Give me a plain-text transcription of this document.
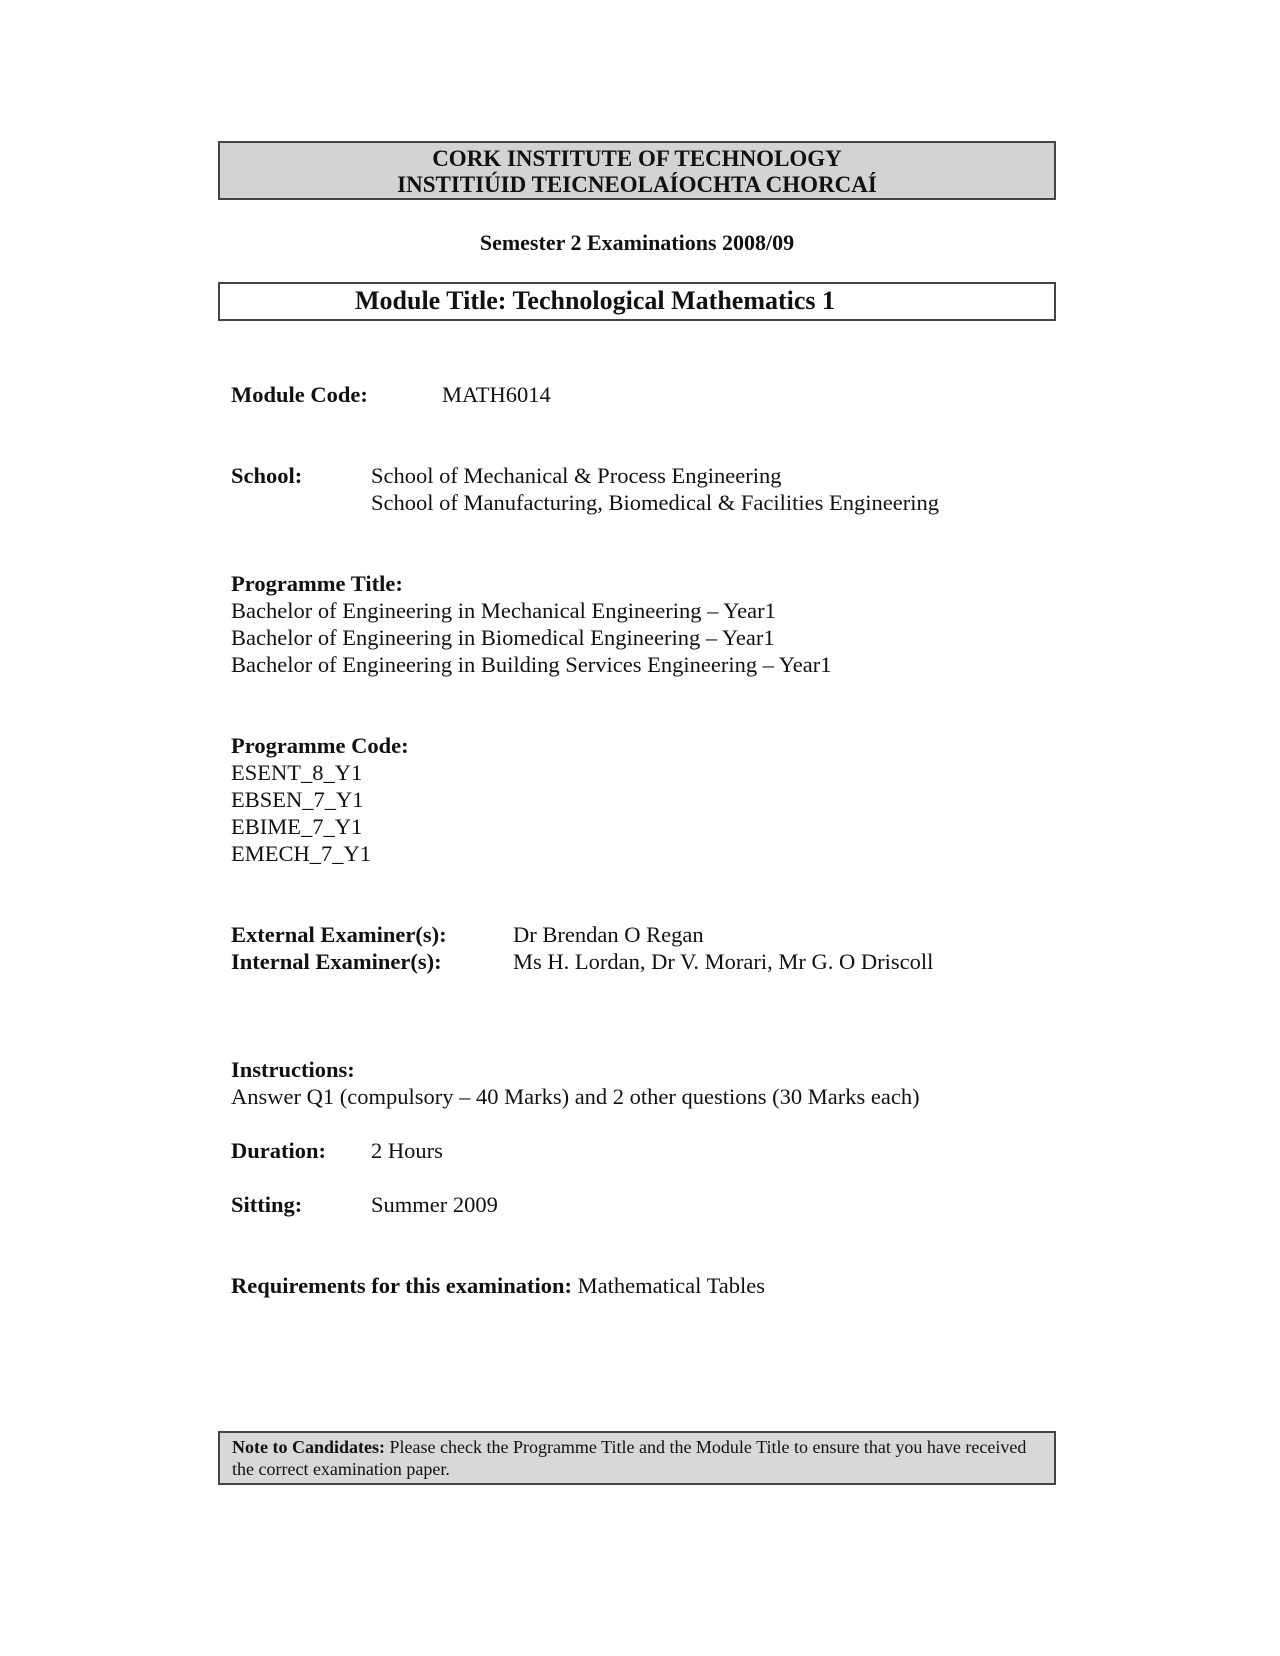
CORK INSTITUTE OF TECHNOLOGY
INSTITIÚID TEICNEOLAÍOCHTA CHORCAÍ
Semester 2 Examinations 2008/09
Module Title: Technological Mathematics 1
Module Code:	MATH6014
School:	School of Mechanical & Process Engineering
School of Manufacturing, Biomedical & Facilities Engineering
Programme Title:
Bachelor of Engineering in Mechanical Engineering – Year1
Bachelor of Engineering in Biomedical Engineering – Year1
Bachelor of Engineering in Building Services Engineering – Year1
Programme Code:
ESENT_8_Y1
EBSEN_7_Y1
EBIME_7_Y1
EMECH_7_Y1
External Examiner(s):	Dr Brendan O Regan
Internal Examiner(s):	Ms H. Lordan, Dr V. Morari, Mr G. O Driscoll
Instructions:
Answer Q1 (compulsory – 40 Marks) and 2 other questions (30 Marks each)
Duration: 2 Hours
Sitting:	Summer 2009
Requirements for this examination: Mathematical Tables
Note to Candidates: Please check the Programme Title and the Module Title to ensure that you have received the correct examination paper.
